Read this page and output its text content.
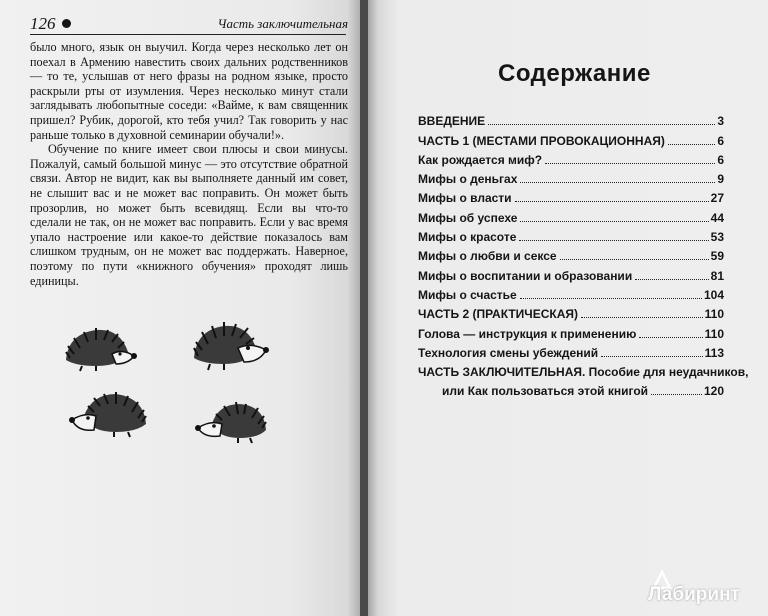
126	Часть заключительная

было много, язык он выучил. Когда через несколько лет он поехал в Армению навестить своих дальних родственников — то те, услышав от него фразы на родном языке, просто раскрыли рты от изумления. Через несколько минут стали заглядывать любопытные соседи: «Вайме, к вам священник пришел? Рубик, дорогой, кто тебя учил? Так говорить у нас раньше только в духовной семинарии обучали!».

Обучение по книге имеет свои плюсы и свои минусы. Пожалуй, самый большой минус — это отсутствие обратной связи. Автор не видит, как вы выполняете данный им совет, не слышит вас и не может вас поправить. Он может быть прозорлив, но может быть всевидящ. Если вы что-то сделали не так, он не может вас поправить. Если у вас время упало настроение или какое-то действие показалось вам слишком трудным, он не может вас поддержать. Наверное, поэтому по пути «книжного обучения» проходят лишь единицы.

Содержание
ВВЕДЕНИЕ	3
ЧАСТЬ 1 (МЕСТАМИ ПРОВОКАЦИОННАЯ)	6
Как рождается миф?	6
Мифы о деньгах	9
Мифы о власти	27
Мифы об успехе	44
Мифы о красоте	53
Мифы о любви и сексе	59
Мифы о воспитании и образовании	81
Мифы о счастье	104
ЧАСТЬ 2 (ПРАКТИЧЕСКАЯ)	110
Голова — инструкция к применению	110
Технология смены убеждений	113
ЧАСТЬ ЗАКЛЮЧИТЕЛЬНАЯ. Пособие для неудачников,
или Как пользоваться этой книгой	120
Лабиринт
